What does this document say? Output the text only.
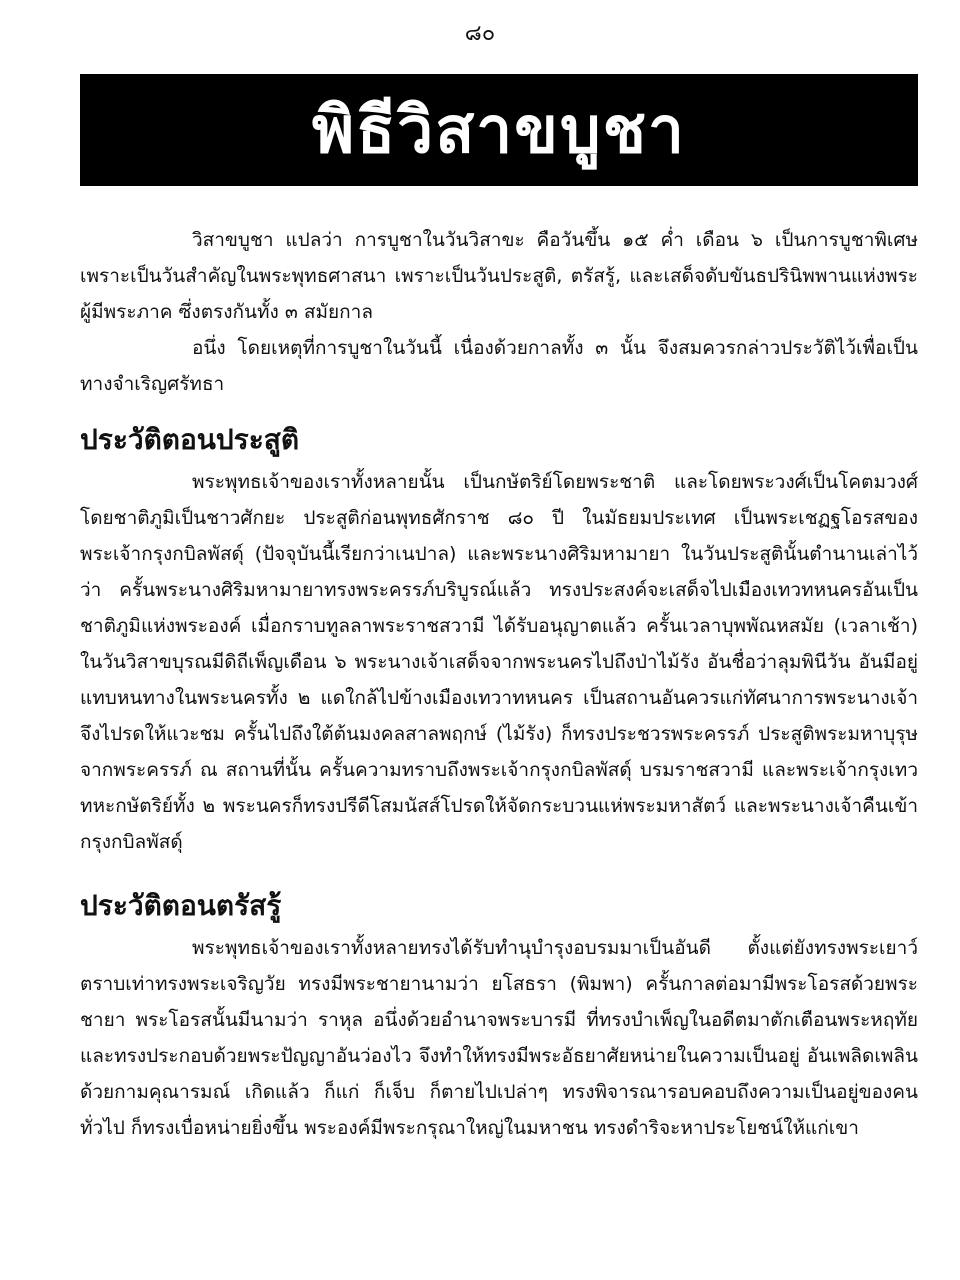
๘๐
พิธีวิสาขบูชา

วิสาขบูชา แปลว่า การบูชาในวันวิสาขะ คือวันขึ้น ๑๕ ค่ำ เดือน ๖ เป็นการบูชาพิเศษ เพราะเป็นวันสำคัญในพระพุทธศาสนา เพราะเป็นวันประสูติ, ตรัสรู้, และเสด็จดับขันธปรินิพพานแห่งพระผู้มีพระภาค ซึ่งตรงกันทั้ง ๓ สมัยกาล

อนึ่ง โดยเหตุที่การบูชาในวันนี้ เนื่องด้วยกาลทั้ง ๓ นั้น จึงสมควรกล่าวประวัติไว้เพื่อเป็นทางจำเริญศรัทธา

ประวัติตอนประสูติ

พระพุทธเจ้าของเราทั้งหลายนั้น เป็นกษัตริย์โดยพระชาติ และโดยพระวงศ์เป็นโคตมวงศ์ โดยชาติภูมิเป็นชาวศักยะ ประสูติก่อนพุทธศักราช ๘๐ ปี ในมัธยมประเทศ เป็นพระเชฏฐโอรสของพระเจ้ากรุงกบิลพัสดุ์ (ปัจจุบันนี้เรียกว่าเนปาล) และพระนางศิริมหามายา ในวันประสูตินั้นตำนานเล่าไว้ว่า ครั้นพระนางศิริมหามายาทรงพระครรภ์บริบูรณ์แล้ว ทรงประสงค์จะเสด็จไปเมืองเทวทหนครอันเป็นชาติภูมิแห่งพระองค์ เมื่อกราบทูลลาพระราชสวามี ได้รับอนุญาตแล้ว ครั้นเวลาบุพพัณหสมัย (เวลาเช้า) ในวันวิสาขบุรณมีดิถีเพ็ญเดือน ๖ พระนางเจ้าเสด็จจากพระนครไปถึงป่าไม้รัง อันชื่อว่าลุมพินีวัน อันมีอยู่แทบหนทางในพระนครทั้ง ๒ แดใกล้ไปข้างเมืองเทวาทหนคร เป็นสถานอันควรแก่ทัศนาการพระนางเจ้าจึงไปรดให้แวะชม ครั้นไปถึงใต้ต้นมงคลสาลพฤกษ์ (ไม้รัง) ก็ทรงประชวรพระครรภ์ ประสูติพระมหาบุรุษจากพระครรภ์ ณ สถานที่นั้น ครั้นความทราบถึงพระเจ้ากรุงกบิลพัสดุ์ บรมราชสวามี และพระเจ้ากรุงเทวทหะกษัตริย์ทั้ง ๒ พระนครก็ทรงปรีดีโสมนัสส์โปรดให้จัดกระบวนแห่พระมหาสัตว์ และพระนางเจ้าคืนเข้ากรุงกบิลพัสดุ์

ประวัติตอนตรัสรู้

พระพุทธเจ้าของเราทั้งหลายทรงได้รับทำนุบำรุงอบรมมาเป็นอันดี ตั้งแต่ยังทรงพระเยาว์ตราบเท่าทรงพระเจริญวัย ทรงมีพระชายานามว่า ยโสธรา (พิมพา) ครั้นกาลต่อมามีพระโอรสด้วยพระชายา พระโอรสนั้นมีนามว่า ราหุล อนึ่งด้วยอำนาจพระบารมี ที่ทรงบำเพ็ญในอดีตมาตักเตือนพระหฤทัย และทรงประกอบด้วยพระปัญญาอันว่องไว จึงทำให้ทรงมีพระอัธยาศัยหน่ายในความเป็นอยู่ อันเพลิดเพลินด้วยกามคุณารมณ์ เกิดแล้ว ก็แก่ ก็เจ็บ ก็ตายไปเปล่าๆ ทรงพิจารณารอบคอบถึงความเป็นอยู่ของคนทั่วไป ก็ทรงเบื่อหน่ายยิ่งขึ้น พระองค์มีพระกรุณาใหญ่ในมหาชน ทรงดำริจะหาประโยชน์ให้แก่เขา
